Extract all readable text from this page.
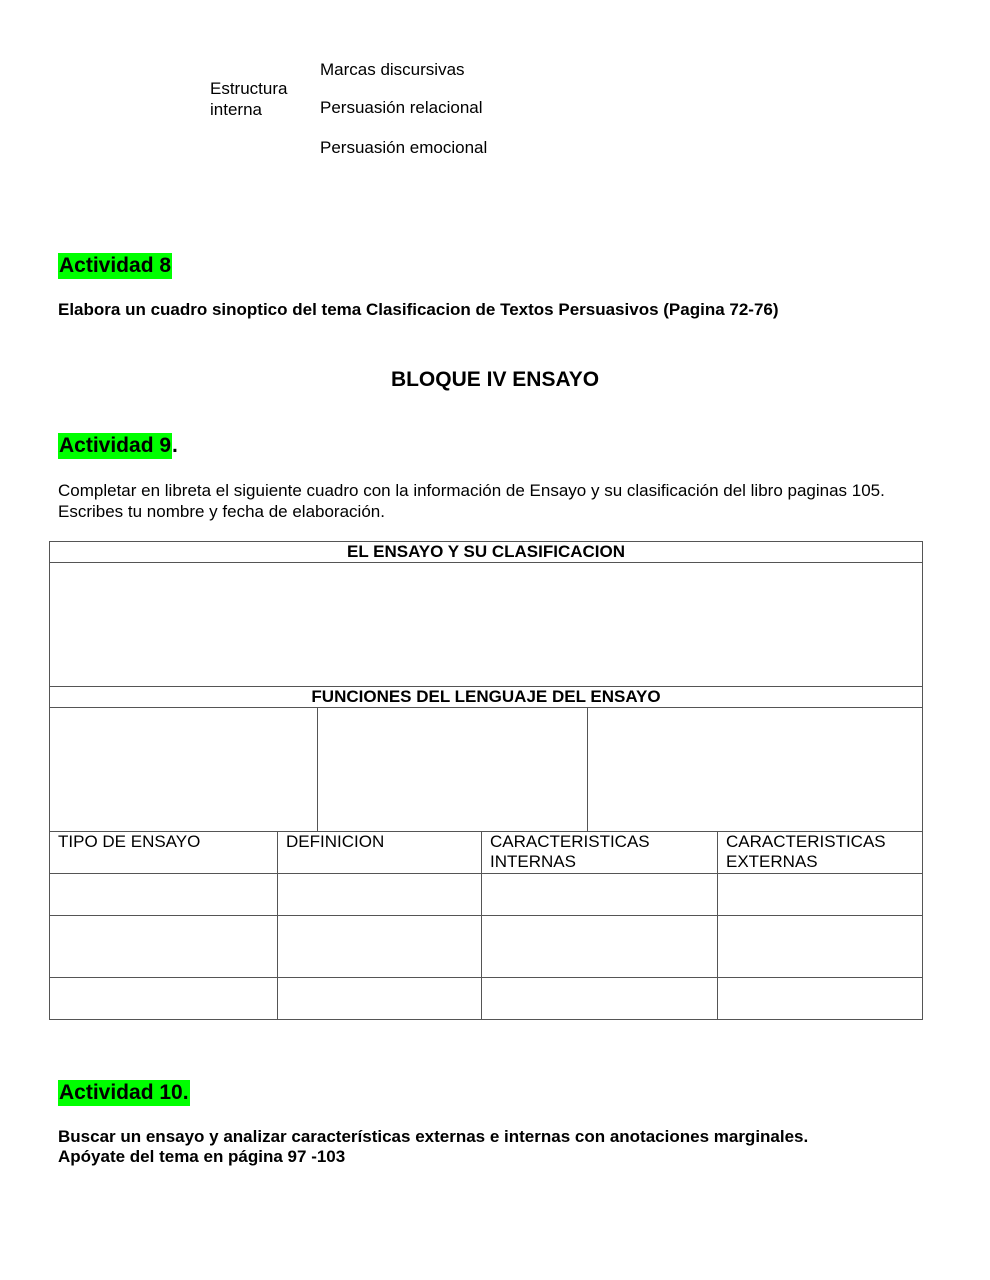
Estructura interna
Marcas discursivas
Persuasión relacional
Persuasión emocional
Actividad 8
Elabora un cuadro sinoptico del tema Clasificacion de Textos Persuasivos (Pagina 72-76)
BLOQUE IV ENSAYO
Actividad 9.
Completar en libreta el siguiente cuadro con la información de Ensayo y su clasificación del libro paginas 105. Escribes tu nombre y fecha de elaboración.
EL ENSAYO Y SU CLASIFICACION					

FUNCIONES DEL LENGUAJE DEL ENSAYO					

TIPO DE ENSAYO	DEFINICION		CARACTERISTICAS INTERNAS		CARACTERISTICAS EXTERNAS

Actividad 10.
Buscar un ensayo y analizar características externas e internas con anotaciones marginales.
Apóyate del tema en página 97 -103
